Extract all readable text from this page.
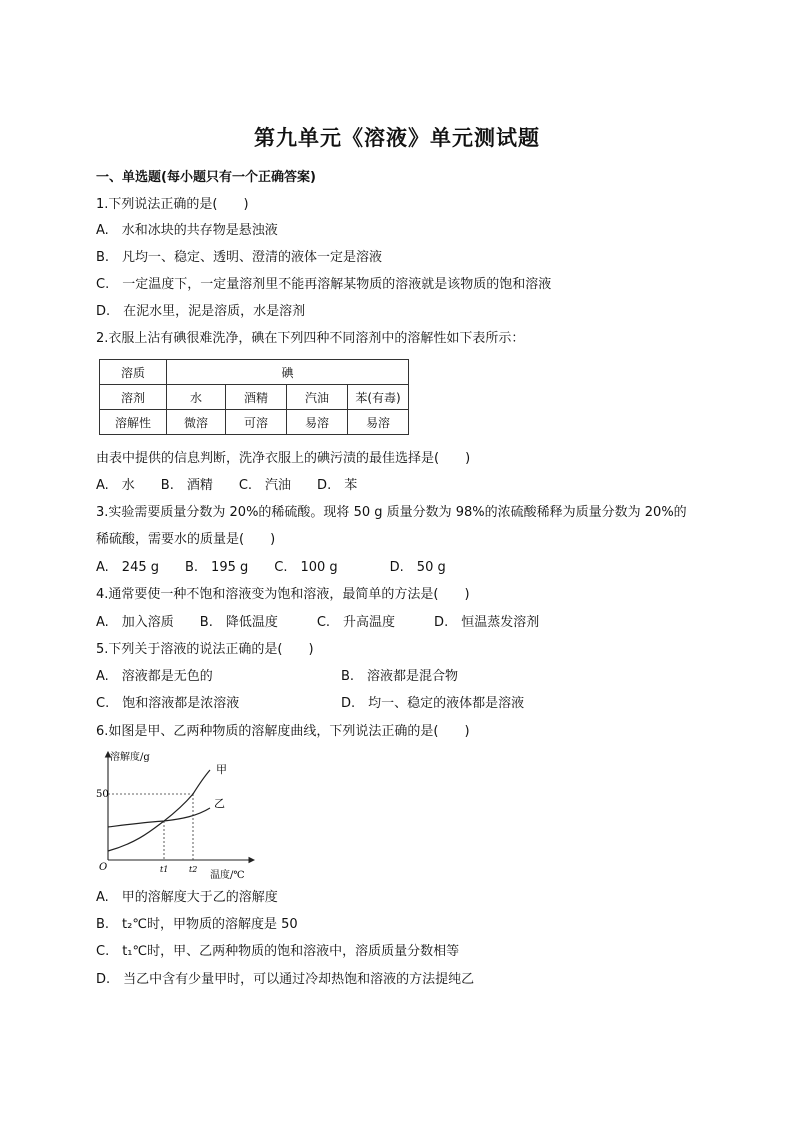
第九单元《溶液》单元测试题
一、单选题(每小题只有一个正确答案)
1.下列说法正确的是(　　)
A.　水和冰块的共存物是悬浊液
B.　凡均一、稳定、透明、澄清的液体一定是溶液
C.　一定温度下，一定量溶剂里不能再溶解某物质的溶液就是该物质的饱和溶液
D.　在泥水里，泥是溶质，水是溶剂
2.衣服上沾有碘很难洗净，碘在下列四种不同溶剂中的溶解性如下表所示：
溶质	碘			
溶剂	水	酒精	汽油	苯(有毒)
溶解性	微溶	可溶	易溶	易溶
由表中提供的信息判断，洗净衣服上的碘污渍的最佳选择是(　　)
A.　水　　B.　酒精　　C.　汽油　　D.　苯
3.实验需要质量分数为 20%的稀硫酸。现将 50 g 质量分数为 98%的浓硫酸稀释为质量分数为 20%的
稀硫酸，需要水的质量是(　　)
A.　245 g　　B.　195 g　　C.　100 g　　　　D.　50 g
4.通常要使一种不饱和溶液变为饱和溶液，最简单的方法是(　　)
A.　加入溶质　　B.　降低温度　　　C.　升高温度　　　D.　恒温蒸发溶剂
5.下列关于溶液的说法正确的是(　　)
A.　溶液都是无色的	B.　溶液都是混合物
C.　饱和溶液都是浓溶液	D.　均一、稳定的液体都是溶液
6.如图是甲、乙两种物质的溶解度曲线，下列说法正确的是(　　)
溶解度/g
甲
乙
50
O	t1	t2
温度/℃
A.　甲的溶解度大于乙的溶解度
B.　t₂℃时，甲物质的溶解度是 50
C.　t₁℃时，甲、乙两种物质的饱和溶液中，溶质质量分数相等
D.　当乙中含有少量甲时，可以通过冷却热饱和溶液的方法提纯乙
